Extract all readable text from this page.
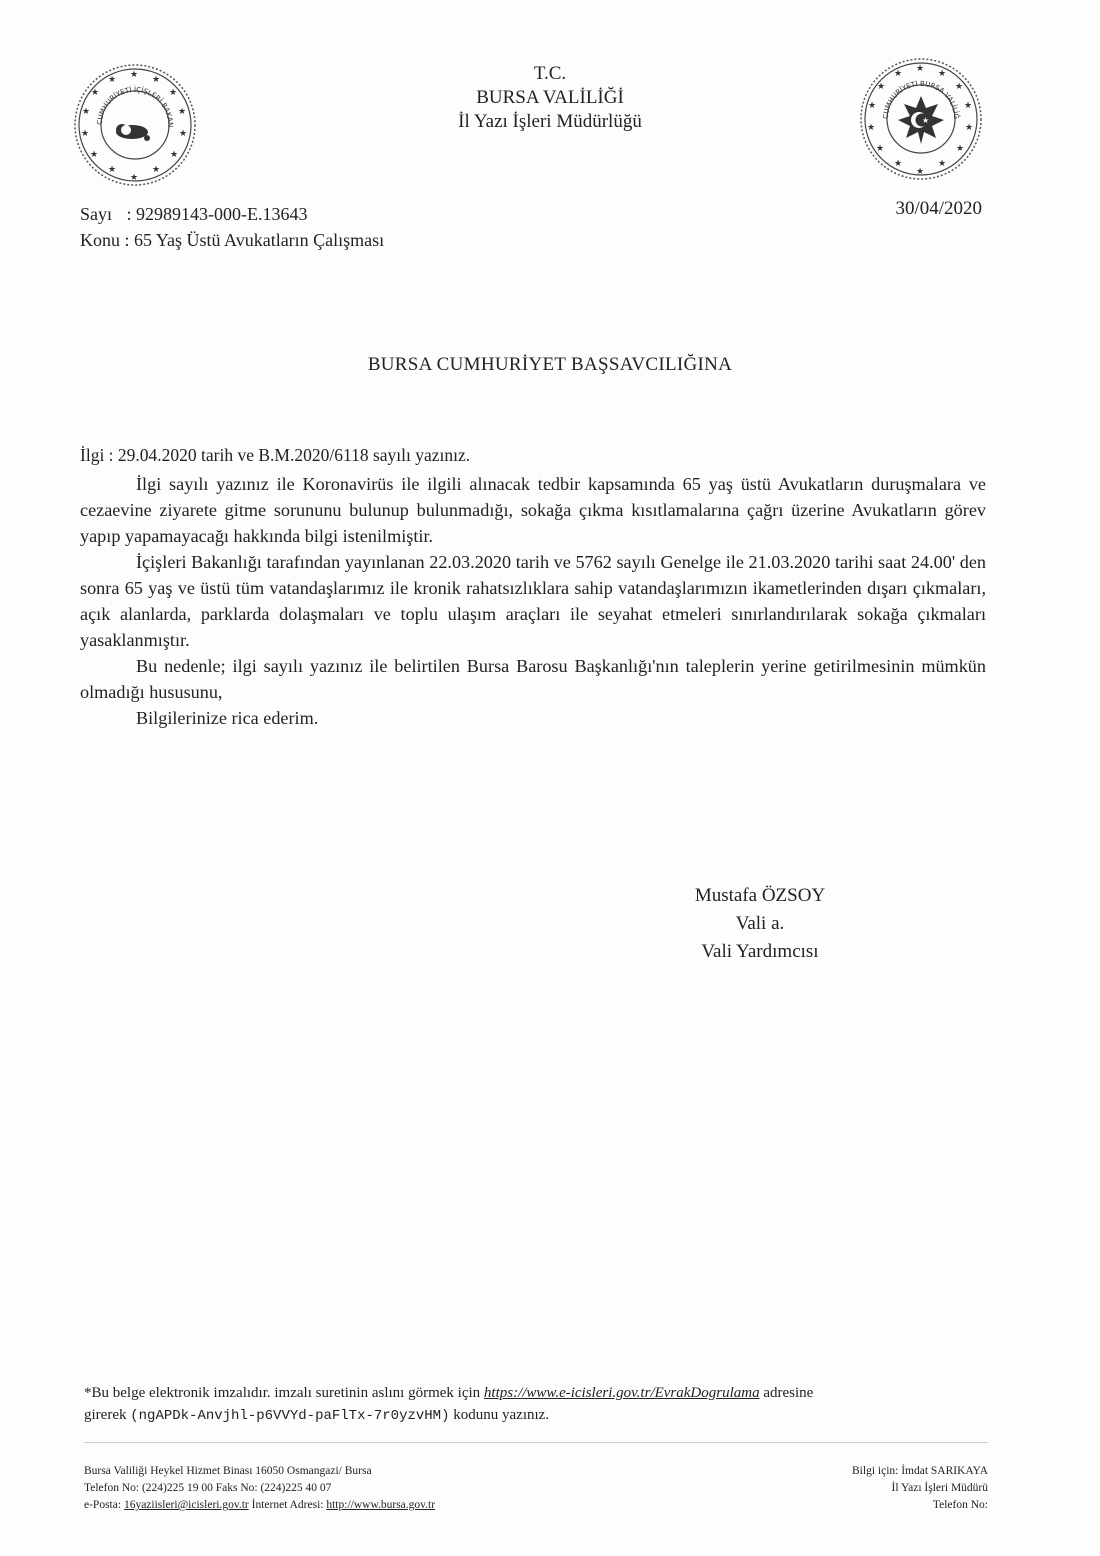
★ ★
★
★
★
★
★
★
★
★
★
★
★
★
CUMHURİYETİ İÇİŞLERİ BAKAN
★ ★
★
★
★
★
★
★
★
★
★
★
★
★
CUMHURİYETİ BURSA VALİLİĞ
★
T.C.
BURSA VALİLİĞİ
İl Yazı İşleri Müdürlüğü
Sayı : 92989143-000-E.13643
Konu : 65 Yaş Üstü Avukatların Çalışması
30/04/2020
BURSA CUMHURİYET BAŞSAVCILIĞINA
İlgi : 29.04.2020 tarih ve B.M.2020/6118 sayılı yazınız.

İlgi sayılı yazınız ile Koronavirüs ile ilgili alınacak tedbir kapsamında 65 yaş üstü Avukatların duruşmalara ve cezaevine ziyarete gitme sorununu bulunup bulunmadığı, sokağa çıkma kısıtlamalarına çağrı üzerine Avukatların görev yapıp yapamayacağı hakkında bilgi istenilmiştir.

İçişleri Bakanlığı tarafından yayınlanan 22.03.2020 tarih ve 5762 sayılı Genelge ile 21.03.2020 tarihi saat 24.00' den sonra 65 yaş ve üstü tüm vatandaşlarımız ile kronik rahatsızlıklara sahip vatandaşlarımızın ikametlerinden dışarı çıkmaları, açık alanlarda, parklarda dolaşmaları ve toplu ulaşım araçları ile seyahat etmeleri sınırlandırılarak sokağa çıkmaları yasaklanmıştır.

Bu nedenle; ilgi sayılı yazınız ile belirtilen Bursa Barosu Başkanlığı'nın taleplerin yerine getirilmesinin mümkün olmadığı hususunu,

Bilgilerinize rica ederim.

Mustafa ÖZSOY
Vali a.
Vali Yardımcısı
*Bu belge elektronik imzalıdır. imzalı suretinin aslını görmek için https://www.e-icisleri.gov.tr/EvrakDogrulama adresine
girerek (ngAPDk-Anvjhl-p6VVYd-paFlTx-7r0yzvHM) kodunu yazınız.
Bursa Valiliği Heykel Hizmet Binası 16050 Osmangazi/ Bursa
Telefon No: (224)225 19 00 Faks No: (224)225 40 07
e-Posta: 16yaziisleri@icisleri.gov.tr İnternet Adresi: http://www.bursa.gov.tr
Bilgi için: İmdat SARIKAYA
İl Yazı İşleri Müdürü
Telefon No:
